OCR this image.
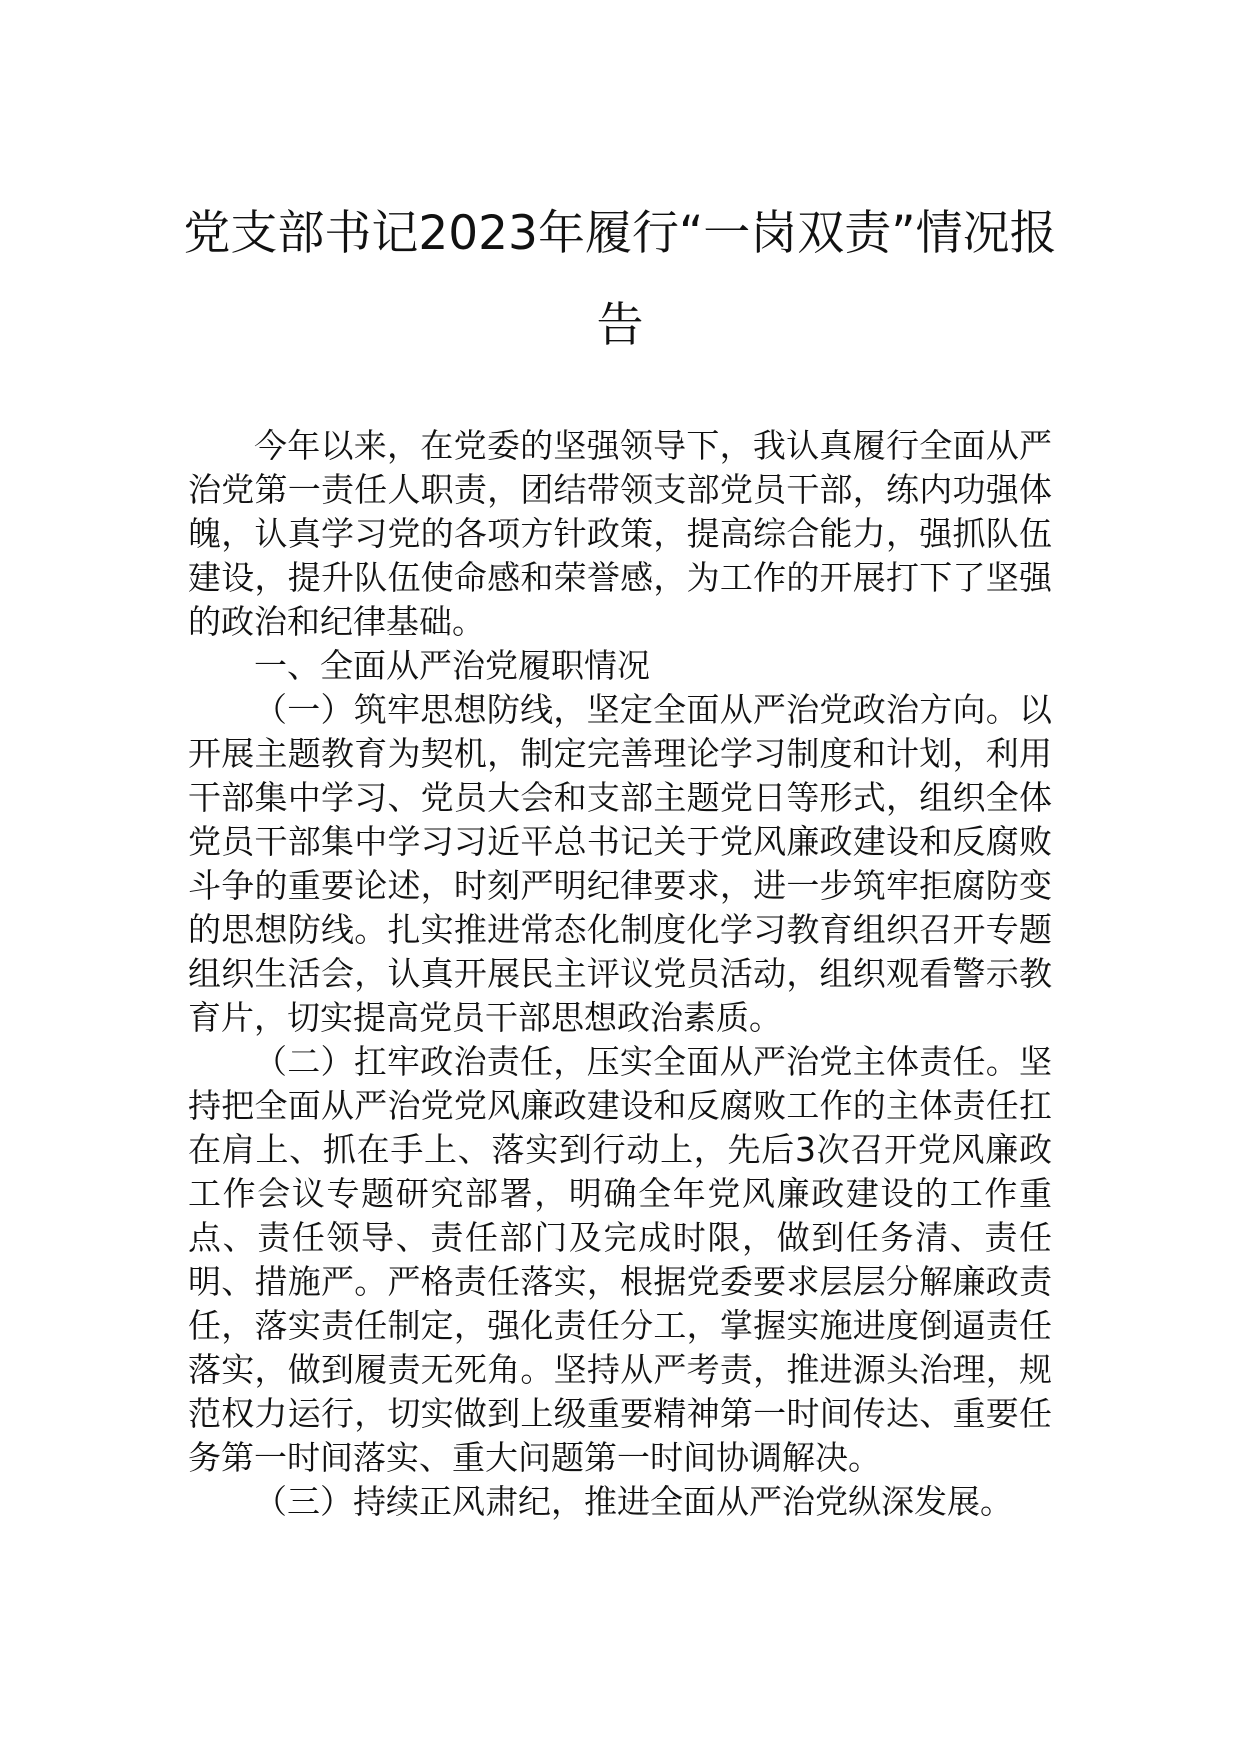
党支部书记2023年履行“一岗双责”情况报告

今年以来，在党委的坚强领导下，我认真履行全面从严治党第一责任人职责，团结带领支部党员干部，练内功强体魄，认真学习党的各项方针政策，提高综合能力，强抓队伍建设，提升队伍使命感和荣誉感，为工作的开展打下了坚强的政治和纪律基础。

一、全面从严治党履职情况

（一）筑牢思想防线，坚定全面从严治党政治方向。以开展主题教育为契机，制定完善理论学习制度和计划，利用干部集中学习、党员大会和支部主题党日等形式，组织全体党员干部集中学习习近平总书记关于党风廉政建设和反腐败斗争的重要论述，时刻严明纪律要求，进一步筑牢拒腐防变的思想防线。扎实推进常态化制度化学习教育组织召开专题组织生活会，认真开展民主评议党员活动，组织观看警示教育片，切实提高党员干部思想政治素质。

（二）扛牢政治责任，压实全面从严治党主体责任。坚持把全面从严治党党风廉政建设和反腐败工作的主体责任扛在肩上、抓在手上、落实到行动上，先后3次召开党风廉政工作会议专题研究部署，明确全年党风廉政建设的工作重点、责任领导、责任部门及完成时限，做到任务清、责任明、措施严。严格责任落实，根据党委要求层层分解廉政责任，落实责任制定，强化责任分工，掌握实施进度倒逼责任落实，做到履责无死角。坚持从严考责，推进源头治理，规范权力运行，切实做到上级重要精神第一时间传达、重要任务第一时间落实、重大问题第一时间协调解决。

（三）持续正风肃纪，推进全面从严治党纵深发展。
